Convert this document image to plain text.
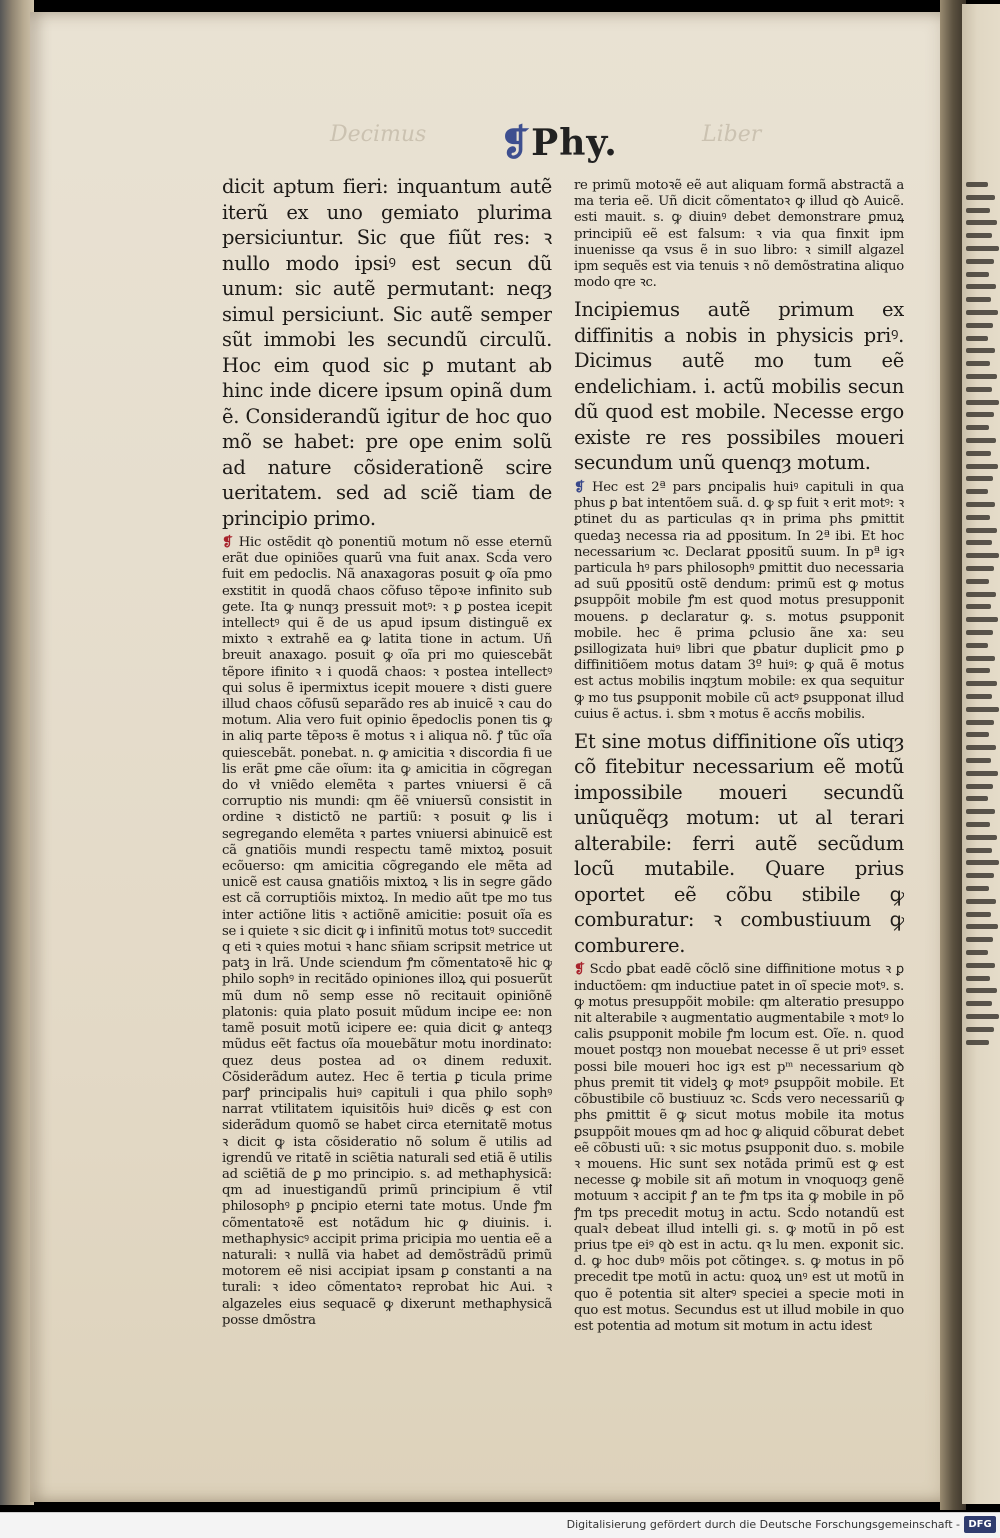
Decimus	Liber
❡Phy.

dicit aptum fieri: inquantum autẽ iterũ ex uno gemiato plurima persiciuntur. Sic que fiũt res: ꝛ nullo modo ipsiꝰ est secun dũ unum: sic autẽ permutant: neqȝ simul persiciunt. Sic autẽ semper sũt immobi les secundũ circulũ. Hoc eim quod sic ꝑ mutant ab hinc inde dicere ipsum opinã dum ẽ. Considerandũ igitur de hoc quo mõ se habet: pre ope enim solũ ad nature cõsiderationẽ scire ueritatem. sed ad sciẽ tiam de principio primo.

❡ Hic ostẽdit qꝺ ponentiũ motum nõ esse eternũ erãt due opiniões quarũ vna fuit anax. Scḋa vero fuit em pedoclis. Nã anaxagoras posuit ꝙ oĩa pmo exstitit in quodã chaos cõfuso tẽpoꝛe infinito sub gete. Ita ꝙ nunqȝ pressuit motꝰ: ꝛ ꝑ postea icepit intellectꝰ qui ẽ de us apud ipsum distinguẽ ex mixto ꝛ extrahẽ ea ꝙ latita tione in actum. Uñ breuit anaxago. posuit ꝙ oĩa pri mo quiescebãt tẽpore ifinito ꝛ i quodã chaos: ꝛ postea intellectꝰ qui solus ẽ ipermixtus icepit mouere ꝛ disti guere illud chaos cõfusũ separãdo res ab inuicẽ ꝛ cau do motum. Alia vero fuit opinio ẽpedoclis ponen tis ꝙ in aliq parte tẽpoꝛs ẽ motus ꝛ i aliqua nõ. ꝭ tũc oĩa quiescebãt. ponebat. n. ꝙ amicitia ꝛ discordia fi ue lis erãt ꝑme cãe oĩum: ita ꝙ amicitia in cõgregan do vł vniẽdo elemẽta ꝛ partes vniuersi ẽ cã corruptio nis mundi: qm ẽẽ vniuersũ consistit in ordine ꝛ distictõ ne partiũ: ꝛ posuit ꝙ lis i segregando elemẽta ꝛ partes vniuersi abinuicẽ est cã gnatiõis mundi respectu tamẽ mixtoꝝ posuit ecõuerso: qm amicitia cõgregando ele mẽta ad unicẽ est causa gnatiõis mixtoꝝ ꝛ lis in segre gãdo est cã corruptiõis mixtoꝝ. In medio aũt tpe mo tus inter actiõne litis ꝛ actiõnẽ amicitie: posuit oĩa es se i quiete ꝛ sic dicit ꝙ i infinitũ motus totꝰ succedit q eti ꝛ quies motui ꝛ hanc sñiam scripsit metrice ut patꝫ in lrã. Unde sciendum ꝭm cõmentatoꝛẽ hic ꝙ philo sophꝰ in recitãdo opiniones illoꝝ qui posuerũt mũ dum nõ semp esse nõ recitauit opiniõnẽ platonis: quia plato posuit mũdum incipe ee: non tamẽ posuit motũ icipere ee: quia dicit ꝙ anteqȝ mũdus eẽt factus oĩa mouebãtur motu inordinato: quez deus postea ad oꝛ dinem reduxit. Cõsiderãdum autez. Hec ẽ tertia ꝑ ticula prime parꝭ principalis huiꝰ capituli i qua philo sophꝰ narrat vtilitatem iquisitõis huiꝰ dicẽs ꝙ est con siderãdum quomõ se habet circa eternitatẽ motus ꝛ dicit ꝙ ista cõsideratio nõ solum ẽ utilis ad igrendũ ve ritatẽ in sciẽtia naturali sed etiã ẽ utilis ad sciẽtiã de ꝑ mo principio. s. ad methaphysicã: qm ad inuestigandũ primũ principium ẽ vtiꝉ philosophꝰ ꝑ ꝑncipio eterni tate motus. Unde ꝭm cõmentatoꝛẽ est notãdum hic ꝙ diuinis. i. methaphysicꝰ accipit prima pricipia mo uentia eẽ a naturali: ꝛ nullã via habet ad demõstrãdũ primũ motorem eẽ nisi accipiat ipsam ꝑ constanti a na turali: ꝛ ideo cõmentatoꝛ reprobat hic Aui. ꝛ algazeles eius sequacẽ ꝙ dixerunt methaphysicã posse dmõstra

re primũ motoꝛẽ eẽ aut aliquam formã abstractã a ma teria eẽ. Uñ dicit cõmentatoꝛ ꝙ illud qꝺ Auicẽ. esti mauit. s. ꝙ diuinꝰ debet demonstrare ꝑmuꝝ principiũ eẽ est falsum: ꝛ via qua finxit ipm inuenisse qa vsus ẽ in suo libro: ꝛ similꝉ algazel ipm sequẽs est via tenuis ꝛ nõ demõstratina aliquo modo qre ꝛc.

Incipiemus autẽ primum ex diffinitis a nobis in physicis priꝰ. Dicimus autẽ mo tum eẽ endelichiam. i. actũ mobilis secun dũ quod est mobile. Necesse ergo existe re res possibiles moueri secundum unũ quenqȝ motum.

❡ Hec est 2ª pars ꝑncipalis huiꝰ capituli in qua phus ꝑ bat intentõem suã. d. ꝙ sp fuit ꝛ erit motꝰ: ꝛ ꝑtinet du as particulas qꝛ in prima phs ꝑmittit quedaꝫ necessa ria ad ꝑpositum. In 2ª ibi. Et hoc necessarium ꝛc. Declarat ꝑpositũ suum. In pª igꝛ particula hꝰ pars philosophꝰ ꝑmittit duo necessaria ad suũ ꝑpositũ ostẽ dendum: primũ est ꝙ motus ꝑsuppõit mobile ꝭm est quod motus presupponit mouens. ꝑ declaratur ꝙ. s. motus ꝑsupponit mobile. hec ẽ prima ꝑclusio ãne xa: seu ꝑsillogizata huiꝰ libri que ꝑbatur duplicit ꝑmo ꝑ diffinitiõem motus datam 3º huiꝰ: ꝙ quã ẽ motus est actus mobilis inqȝtum mobile: ex qua sequitur ꝙ mo tus ꝑsupponit mobile cũ actꝰ ꝑsupponat illud cuius ẽ actus. i. sbm ꝛ motus ẽ accñs mobilis.

Et sine motus diffinitione oĩs utiqȝ cõ fitebitur necessarium eẽ motũ impossibile moueri secundũ unũquẽqȝ motum: ut al terari alterabile: ferri autẽ secũdum locũ mutabile. Quare prius oportet eẽ cõbu stibile ꝙ comburatur: ꝛ combustiuum ꝙ comburere.

❡ Scḋo ꝑbat eadẽ cõclõ sine diffinitione motus ꝛ ꝑ inductõem: qm inductiue patet in oĩ specie motꝰ. s. ꝙ motus presuppõit mobile: qm alteratio presuppo nit alterabile ꝛ augmentatio augmentabile ꝛ motꝰ lo calis ꝑsupponit mobile ꝭm locum est. Oĩe. n. quod mouet postqȝ non mouebat necesse ẽ ut priꝰ esset possi bile moueri hoc igꝛ est pᵐ necessarium qꝺ phus premit tit videlꝫ ꝙ motꝰ ꝑsuppõit mobile. Et cõbustibile cõ bustiuuz ꝛc. Scḋs vero necessariũ ꝙ phs ꝑmittit ẽ ꝙ sicut motus mobile ita motus ꝑsuppõit moues qm ad hoc ꝙ aliquid cõburat debet eẽ cõbusti uũ: ꝛ sic motus ꝑsupponit duo. s. mobile ꝛ mouens. Hic sunt sex notãda primũ est ꝙ est necesse ꝙ mobile sit añ motum in vnoquoqȝ genẽ motuum ꝛ accipit ꝭ an te ꝭm tps ita ꝙ mobile in põ ꝭm tps precedit motuꝫ in actu. Scḋo notandũ est qualꝛ debeat illud intelli gi. s. ꝙ motũ in põ est prius tpe eiꝰ qꝺ est in actu. qꝛ lu men. exponit sic. d. ꝙ hoc dubꝰ mõis pot cõtingeꝛ. s. ꝙ motus in põ precedit tpe motũ in actu: quoꝝ unꝰ est ut motũ in quo ẽ potentia sit alterꝰ speciei a specie moti in quo est motus. Secundus est ut illud mobile in quo est potentia ad motum sit motum in actu idest

Digitalisierung gefördert durch die Deutsche Forschungsgemeinschaft - DFG
